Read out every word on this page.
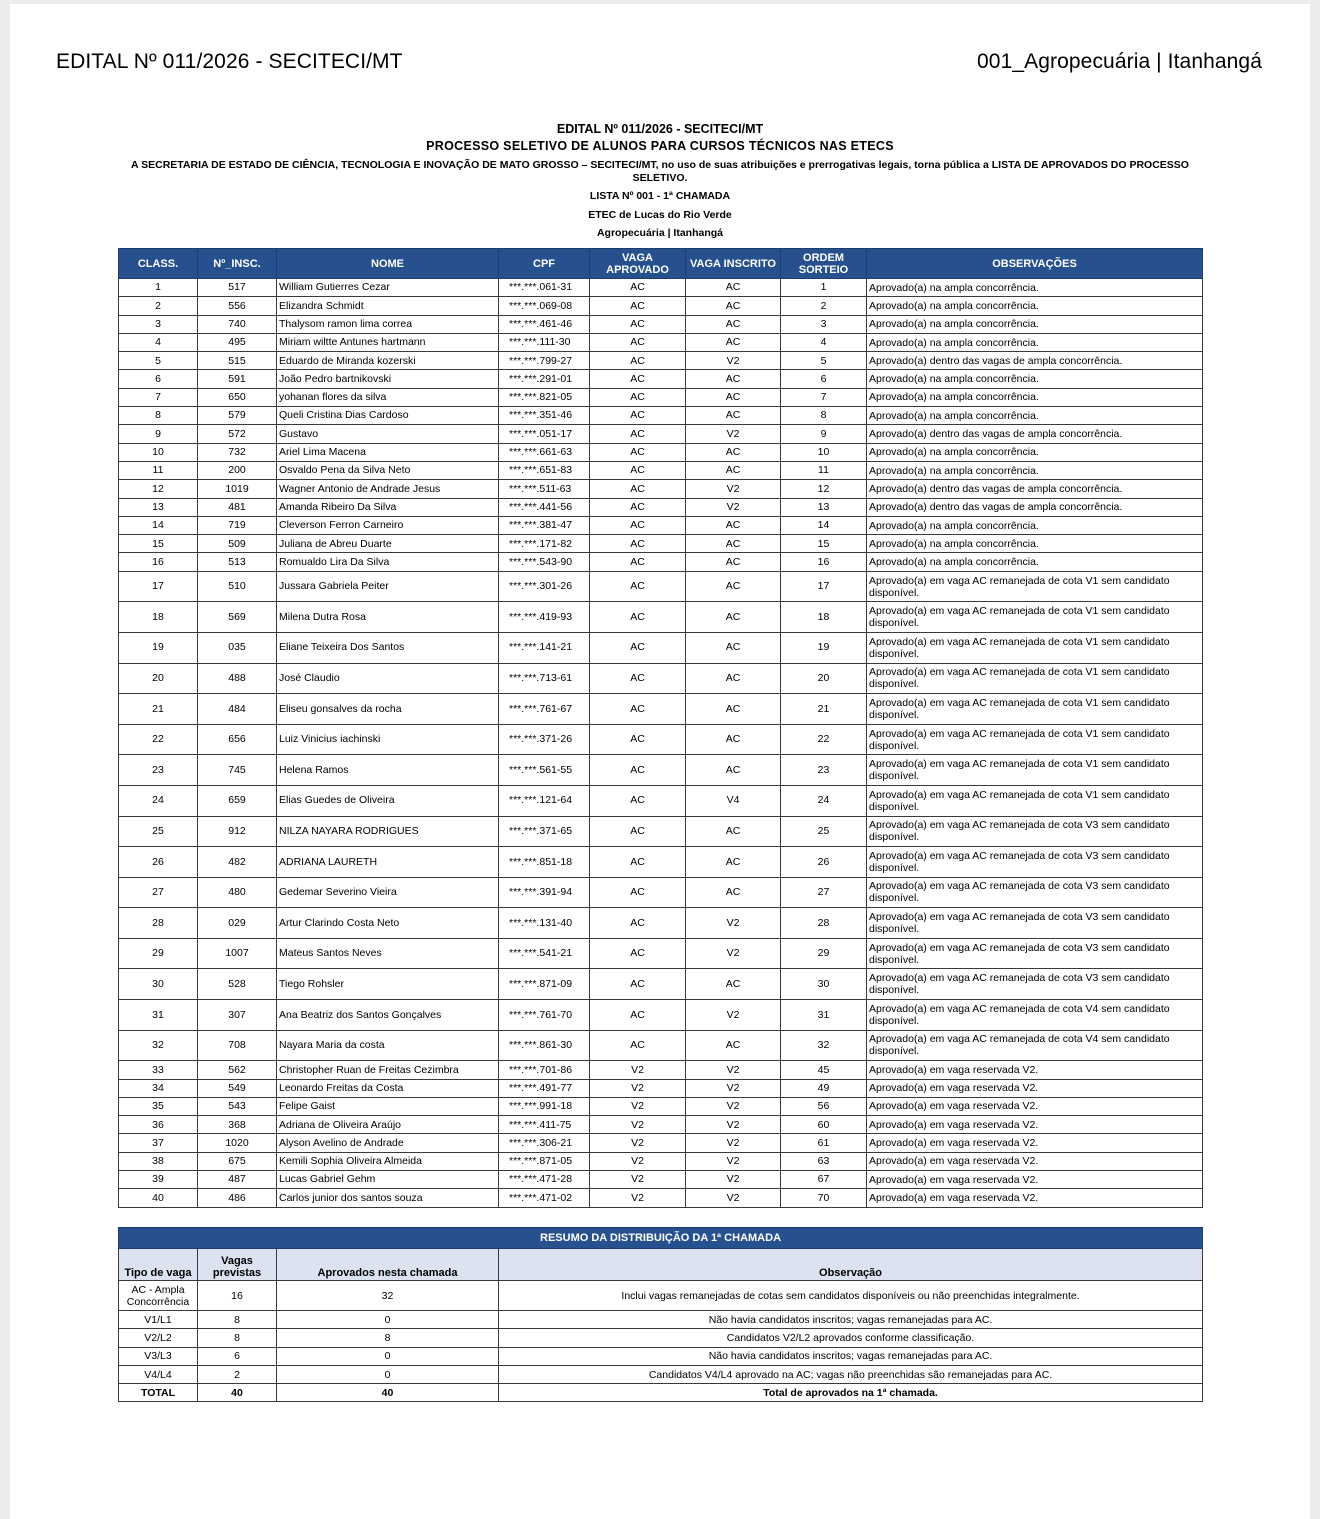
EDITAL Nº 011/2026 - SECITECI/MT	001_Agropecuária | Itanhangá
EDITAL Nº 011/2026 - SECITECI/MT
PROCESSO SELETIVO DE ALUNOS PARA CURSOS TÉCNICOS NAS ETECS
A SECRETARIA DE ESTADO DE CIÊNCIA, TECNOLOGIA E INOVAÇÃO DE MATO GROSSO – SECITECI/MT, no uso de suas atribuições e prerrogativas legais, torna pública a LISTA DE APROVADOS DO PROCESSO SELETIVO.
LISTA Nº 001 - 1ª CHAMADA
ETEC de Lucas do Rio Verde
Agropecuária | Itanhangá
CLASS.	Nº_INSC.	NOME	CPF	VAGA APROVADO	VAGA INSCRITO	ORDEM SORTEIO	OBSERVAÇÕES
1	517	William Gutierres Cezar	***.***.061-31	AC	AC	1	Aprovado(a) na ampla concorrência.
2	556	Elizandra Schmidt	***.***.069-08	AC	AC	2	Aprovado(a) na ampla concorrência.
3	740	Thalysom ramon lima correa	***.***.461-46	AC	AC	3	Aprovado(a) na ampla concorrência.
4	495	Miriam wiltte Antunes hartmann	***.***.111-30	AC	AC	4	Aprovado(a) na ampla concorrência.
5	515	Eduardo de Miranda kozerski	***.***.799-27	AC	V2	5	Aprovado(a) dentro das vagas de ampla concorrência.
6	591	João Pedro bartnikovski	***.***.291-01	AC	AC	6	Aprovado(a) na ampla concorrência.
7	650	yohanan flores da silva	***.***.821-05	AC	AC	7	Aprovado(a) na ampla concorrência.
8	579	Queli Cristina Dias Cardoso	***.***.351-46	AC	AC	8	Aprovado(a) na ampla concorrência.
9	572	Gustavo	***.***.051-17	AC	V2	9	Aprovado(a) dentro das vagas de ampla concorrência.
10	732	Ariel Lima Macena	***.***.661-63	AC	AC	10	Aprovado(a) na ampla concorrência.
11	200	Osvaldo Pena da Silva Neto	***.***.651-83	AC	AC	11	Aprovado(a) na ampla concorrência.
12	1019	Wagner Antonio de Andrade Jesus	***.***.511-63	AC	V2	12	Aprovado(a) dentro das vagas de ampla concorrência.
13	481	Amanda Ribeiro Da Silva	***.***.441-56	AC	V2	13	Aprovado(a) dentro das vagas de ampla concorrência.
14	719	Cleverson Ferron Carneiro	***.***.381-47	AC	AC	14	Aprovado(a) na ampla concorrência.
15	509	Juliana de Abreu Duarte	***.***.171-82	AC	AC	15	Aprovado(a) na ampla concorrência.
16	513	Romualdo Lira Da Silva	***.***.543-90	AC	AC	16	Aprovado(a) na ampla concorrência.
17	510	Jussara Gabriela Peiter	***.***.301-26	AC	AC	17	Aprovado(a) em vaga AC remanejada de cota V1 sem candidato disponível.
18	569	Milena Dutra Rosa	***.***.419-93	AC	AC	18	Aprovado(a) em vaga AC remanejada de cota V1 sem candidato disponível.
19	035	Eliane Teixeira Dos Santos	***.***.141-21	AC	AC	19	Aprovado(a) em vaga AC remanejada de cota V1 sem candidato disponível.
20	488	José Claudio	***.***.713-61	AC	AC	20	Aprovado(a) em vaga AC remanejada de cota V1 sem candidato disponível.
21	484	Eliseu gonsalves da rocha	***.***.761-67	AC	AC	21	Aprovado(a) em vaga AC remanejada de cota V1 sem candidato disponível.
22	656	Luiz Vinicius iachinski	***.***.371-26	AC	AC	22	Aprovado(a) em vaga AC remanejada de cota V1 sem candidato disponível.
23	745	Helena Ramos	***.***.561-55	AC	AC	23	Aprovado(a) em vaga AC remanejada de cota V1 sem candidato disponível.
24	659	Elias Guedes de Oliveira	***.***.121-64	AC	V4	24	Aprovado(a) em vaga AC remanejada de cota V1 sem candidato disponível.
25	912	NILZA NAYARA RODRIGUES	***.***.371-65	AC	AC	25	Aprovado(a) em vaga AC remanejada de cota V3 sem candidato disponível.
26	482	ADRIANA LAURETH	***.***.851-18	AC	AC	26	Aprovado(a) em vaga AC remanejada de cota V3 sem candidato disponível.
27	480	Gedemar Severino Vieira	***.***.391-94	AC	AC	27	Aprovado(a) em vaga AC remanejada de cota V3 sem candidato disponível.
28	029	Artur Clarindo Costa Neto	***.***.131-40	AC	V2	28	Aprovado(a) em vaga AC remanejada de cota V3 sem candidato disponível.
29	1007	Mateus Santos Neves	***.***.541-21	AC	V2	29	Aprovado(a) em vaga AC remanejada de cota V3 sem candidato disponível.
30	528	Tiego Rohsler	***.***.871-09	AC	AC	30	Aprovado(a) em vaga AC remanejada de cota V3 sem candidato disponível.
31	307	Ana Beatriz dos Santos Gonçalves	***.***.761-70	AC	V2	31	Aprovado(a) em vaga AC remanejada de cota V4 sem candidato disponível.
32	708	Nayara Maria da costa	***.***.861-30	AC	AC	32	Aprovado(a) em vaga AC remanejada de cota V4 sem candidato disponível.
33	562	Christopher Ruan de Freitas Cezimbra	***.***.701-86	V2	V2	45	Aprovado(a) em vaga reservada V2.
34	549	Leonardo Freitas da Costa	***.***.491-77	V2	V2	49	Aprovado(a) em vaga reservada V2.
35	543	Felipe Gaist	***.***.991-18	V2	V2	56	Aprovado(a) em vaga reservada V2.
36	368	Adriana de Oliveira Araújo	***.***.411-75	V2	V2	60	Aprovado(a) em vaga reservada V2.
37	1020	Alyson Avelino de Andrade	***.***.306-21	V2	V2	61	Aprovado(a) em vaga reservada V2.
38	675	Kemili Sophia Oliveira Almeida	***.***.871-05	V2	V2	63	Aprovado(a) em vaga reservada V2.
39	487	Lucas Gabriel Gehm	***.***.471-28	V2	V2	67	Aprovado(a) em vaga reservada V2.
40	486	Carlos junior dos santos souza	***.***.471-02	V2	V2	70	Aprovado(a) em vaga reservada V2.
RESUMO DA DISTRIBUIÇÃO DA 1ª CHAMADA			
Tipo de vaga	Vagas previstas	Aprovados nesta chamada	Observação
AC - Ampla Concorrência	16	32	Inclui vagas remanejadas de cotas sem candidatos disponíveis ou não preenchidas integralmente.
V1/L1	8	0	Não havia candidatos inscritos; vagas remanejadas para AC.
V2/L2	8	8	Candidatos V2/L2 aprovados conforme classificação.
V3/L3	6	0	Não havia candidatos inscritos; vagas remanejadas para AC.
V4/L4	2	0	Candidatos V4/L4 aprovado na AC; vagas não preenchidas são remanejadas para AC.
TOTAL	40	40	Total de aprovados na 1ª chamada.
